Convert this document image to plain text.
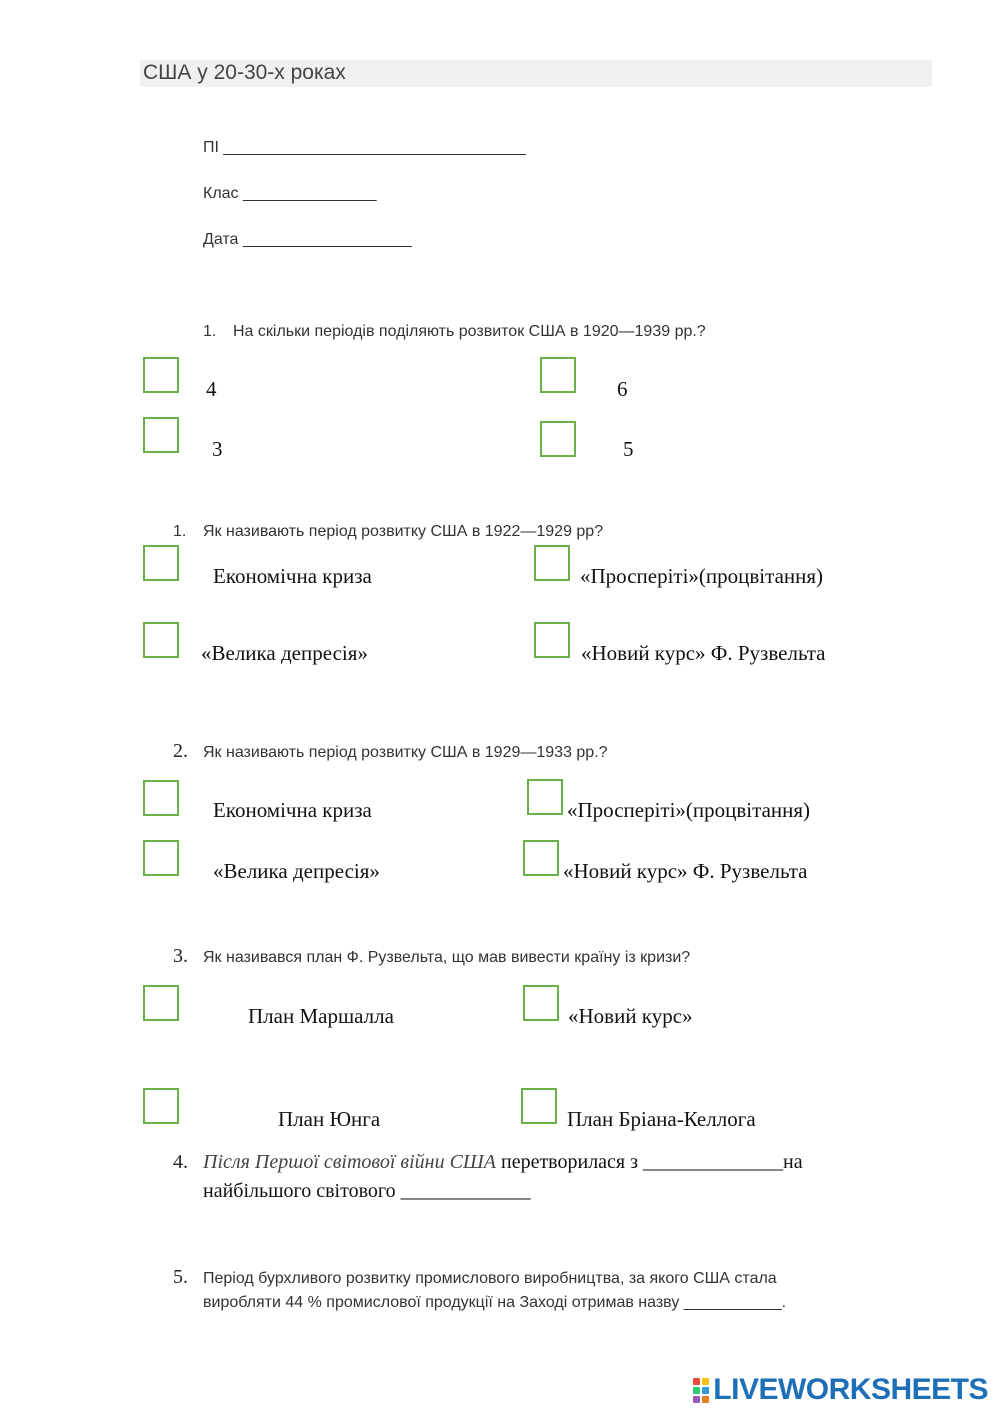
США у 20-30-х роках
ПІ __________________________________
Клас _______________
Дата ___________________
1. На скільки періодів поділяють розвиток США в 1920—1939 рр.?
4	6
3	5
1. Як називають період розвитку США в 1922—1929 рр?
Економічна криза	«Просперіті»(процвітання)
«Велика депресія»	«Новий курс» Ф. Рузвельта
2. Як називають період розвитку США в 1929—1933 рр.?
Економічна криза	«Просперіті»(процвітання)
«Велика депресія»	«Новий курс» Ф. Рузвельта
3. Як називався план Ф. Рузвельта, що мав вивести країну із кризи?
План Маршалла	«Новий курс»
План Юнга	План Бріана-Келлога
4. Після Першої світової війни США перетворилася з ______________на
найбільшого світового _____________
5. Період бурхливого розвитку промислового виробництва, за якого США стала
виробляти 44 % промислової продукції на Заході отримав назву ___________.
LIVEWORKSHEETS
